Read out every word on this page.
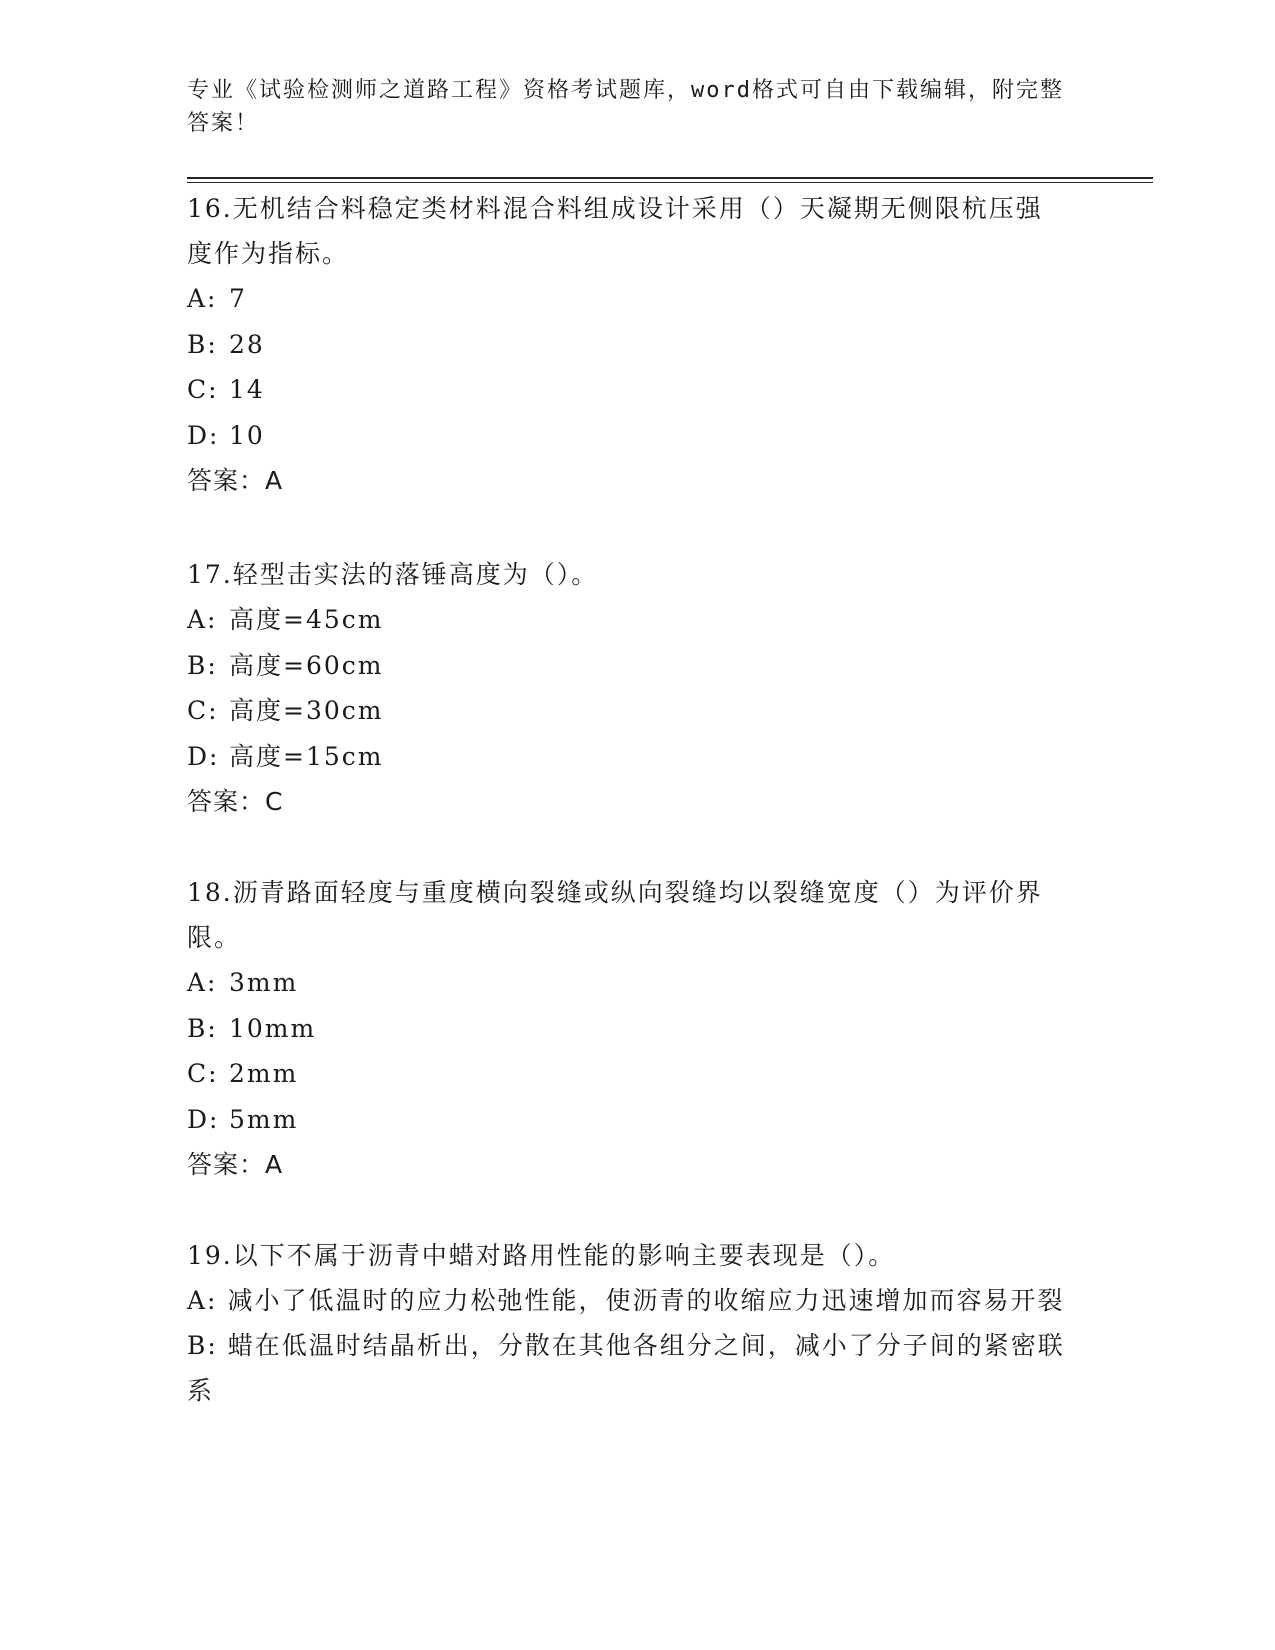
专业《试验检测师之道路工程》资格考试题库，word格式可自由下载编辑，附完整答案！

16.无机结合料稳定类材料混合料组成设计采用（）天凝期无侧限杭压强度作为指标。

A: 7

B: 28

C: 14

D: 10

答案：A

17.轻型击实法的落锤高度为（）。

A: 高度=45cm

B: 高度=60cm

C: 高度=30cm

D: 高度=15cm

答案：C

18.沥青路面轻度与重度横向裂缝或纵向裂缝均以裂缝宽度（）为评价界限。

A: 3mm

B: 10mm

C: 2mm

D: 5mm

答案：A

19.以下不属于沥青中蜡对路用性能的影响主要表现是（）。

A: 减小了低温时的应力松弛性能，使沥青的收缩应力迅速增加而容易开裂

B: 蜡在低温时结晶析出，分散在其他各组分之间，减小了分子间的紧密联系
